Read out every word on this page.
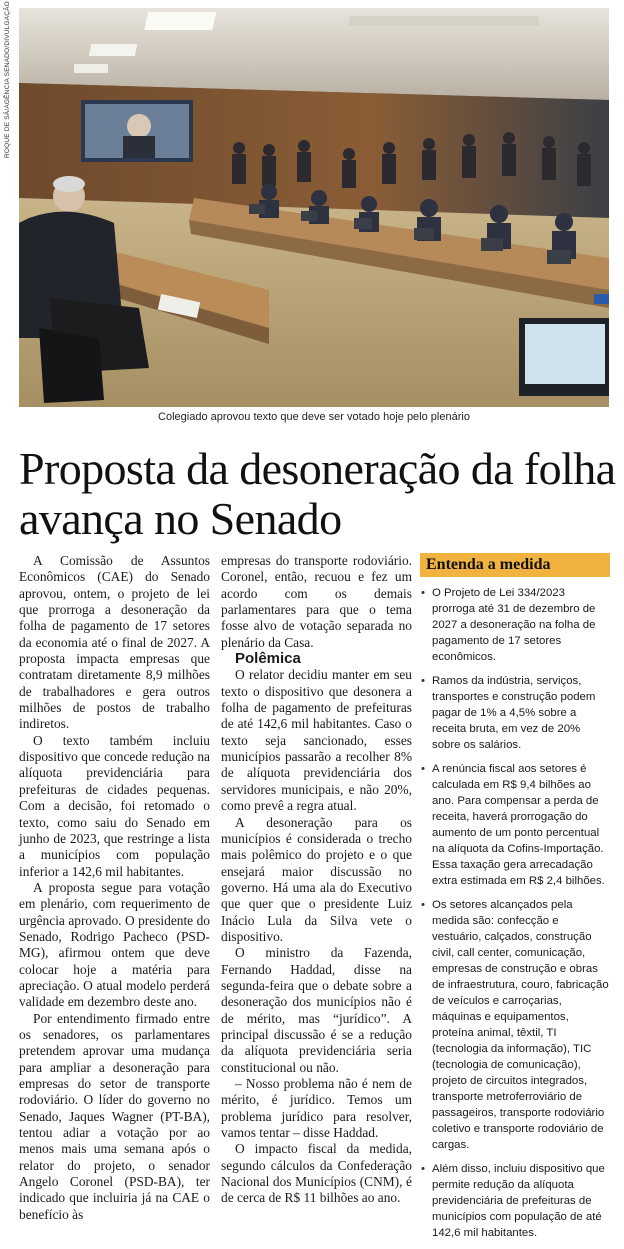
ROQUE DE SÁ/AGÊNCIA SENADO/DIVULGAÇÃO
Colegiado aprovou texto que deve ser votado hoje pelo plenário
Proposta da desoneração da folha avança no Senado

A Comissão de Assuntos Econômicos (CAE) do Senado aprovou, ontem, o projeto de lei que prorroga a desoneração da folha de pagamento de 17 setores da economia até o final de 2027. A proposta impacta empresas que contratam diretamente 8,9 milhões de trabalhadores e gera outros milhões de postos de trabalho indiretos.

O texto também incluiu dispositivo que concede redução na alíquota previdenciária para prefeituras de cidades pequenas. Com a decisão, foi retomado o texto, como saiu do Senado em junho de 2023, que restringe a lista a municípios com população inferior a 142,6 mil habitantes.

A proposta segue para votação em plenário, com requerimento de urgência aprovado. O presidente do Senado, Rodrigo Pacheco (PSD-MG), afirmou ontem que deve colocar hoje a matéria para apreciação. O atual modelo perderá validade em dezembro deste ano.

Por entendimento firmado entre os senadores, os parlamentares pretendem aprovar uma mudança para ampliar a desoneração para empresas do setor de transporte rodoviário. O líder do governo no Senado, Jaques Wagner (PT-BA), tentou adiar a votação por ao menos mais uma semana após o relator do projeto, o senador Angelo Coronel (PSD-BA), ter indicado que incluiria já na CAE o benefício às

empresas do transporte rodoviário. Coronel, então, recuou e fez um acordo com os demais parlamentares para que o tema fosse alvo de votação separada no plenário da Casa.

Polêmica

O relator decidiu manter em seu texto o dispositivo que desonera a folha de pagamento de prefeituras de até 142,6 mil habitantes. Caso o texto seja sancionado, esses municípios passarão a recolher 8% de alíquota previdenciária dos servidores municipais, e não 20%, como prevê a regra atual.

A desoneração para os municípios é considerada o trecho mais polêmico do projeto e o que ensejará maior discussão no governo. Há uma ala do Executivo que quer que o presidente Luiz Inácio Lula da Silva vete o dispositivo.

O ministro da Fazenda, Fernando Haddad, disse na segunda-feira que o debate sobre a desoneração dos municípios não é de mérito, mas “jurídico”. A principal discussão é se a redução da alíquota previdenciária seria constitucional ou não.

– Nosso problema não é nem de mérito, é jurídico. Temos um problema jurídico para resolver, vamos tentar – disse Haddad.

O impacto fiscal da medida, segundo cálculos da Confederação Nacional dos Municípios (CNM), é de cerca de R$ 11 bilhões ao ano.

Entenda a medida
• O Projeto de Lei 334/2023 prorroga até 31 de dezembro de 2027 a desoneração na folha de pagamento de 17 setores econômicos.
• Ramos da indústria, serviços, transportes e construção podem pagar de 1% a 4,5% sobre a receita bruta, em vez de 20% sobre os salários.
• A renúncia fiscal aos setores é calculada em R$ 9,4 bilhões ao ano. Para compensar a perda de receita, haverá prorrogação do aumento de um ponto percentual na alíquota da Cofins-Importação. Essa taxação gera arrecadação extra estimada em R$ 2,4 bilhões.
• Os setores alcançados pela medida são: confecção e vestuário, calçados, construção civil, call center, comunicação, empresas de construção e obras de infraestrutura, couro, fabricação de veículos e carroçarias, máquinas e equipamentos, proteína animal, têxtil, TI (tecnologia da informação), TIC (tecnologia de comunicação), projeto de circuitos integrados, transporte metroferroviário de passageiros, transporte rodoviário coletivo e transporte rodoviário de cargas.
• Além disso, incluiu dispositivo que permite redução da alíquota previdenciária de prefeituras de municípios com população de até 142,6 mil habitantes.
